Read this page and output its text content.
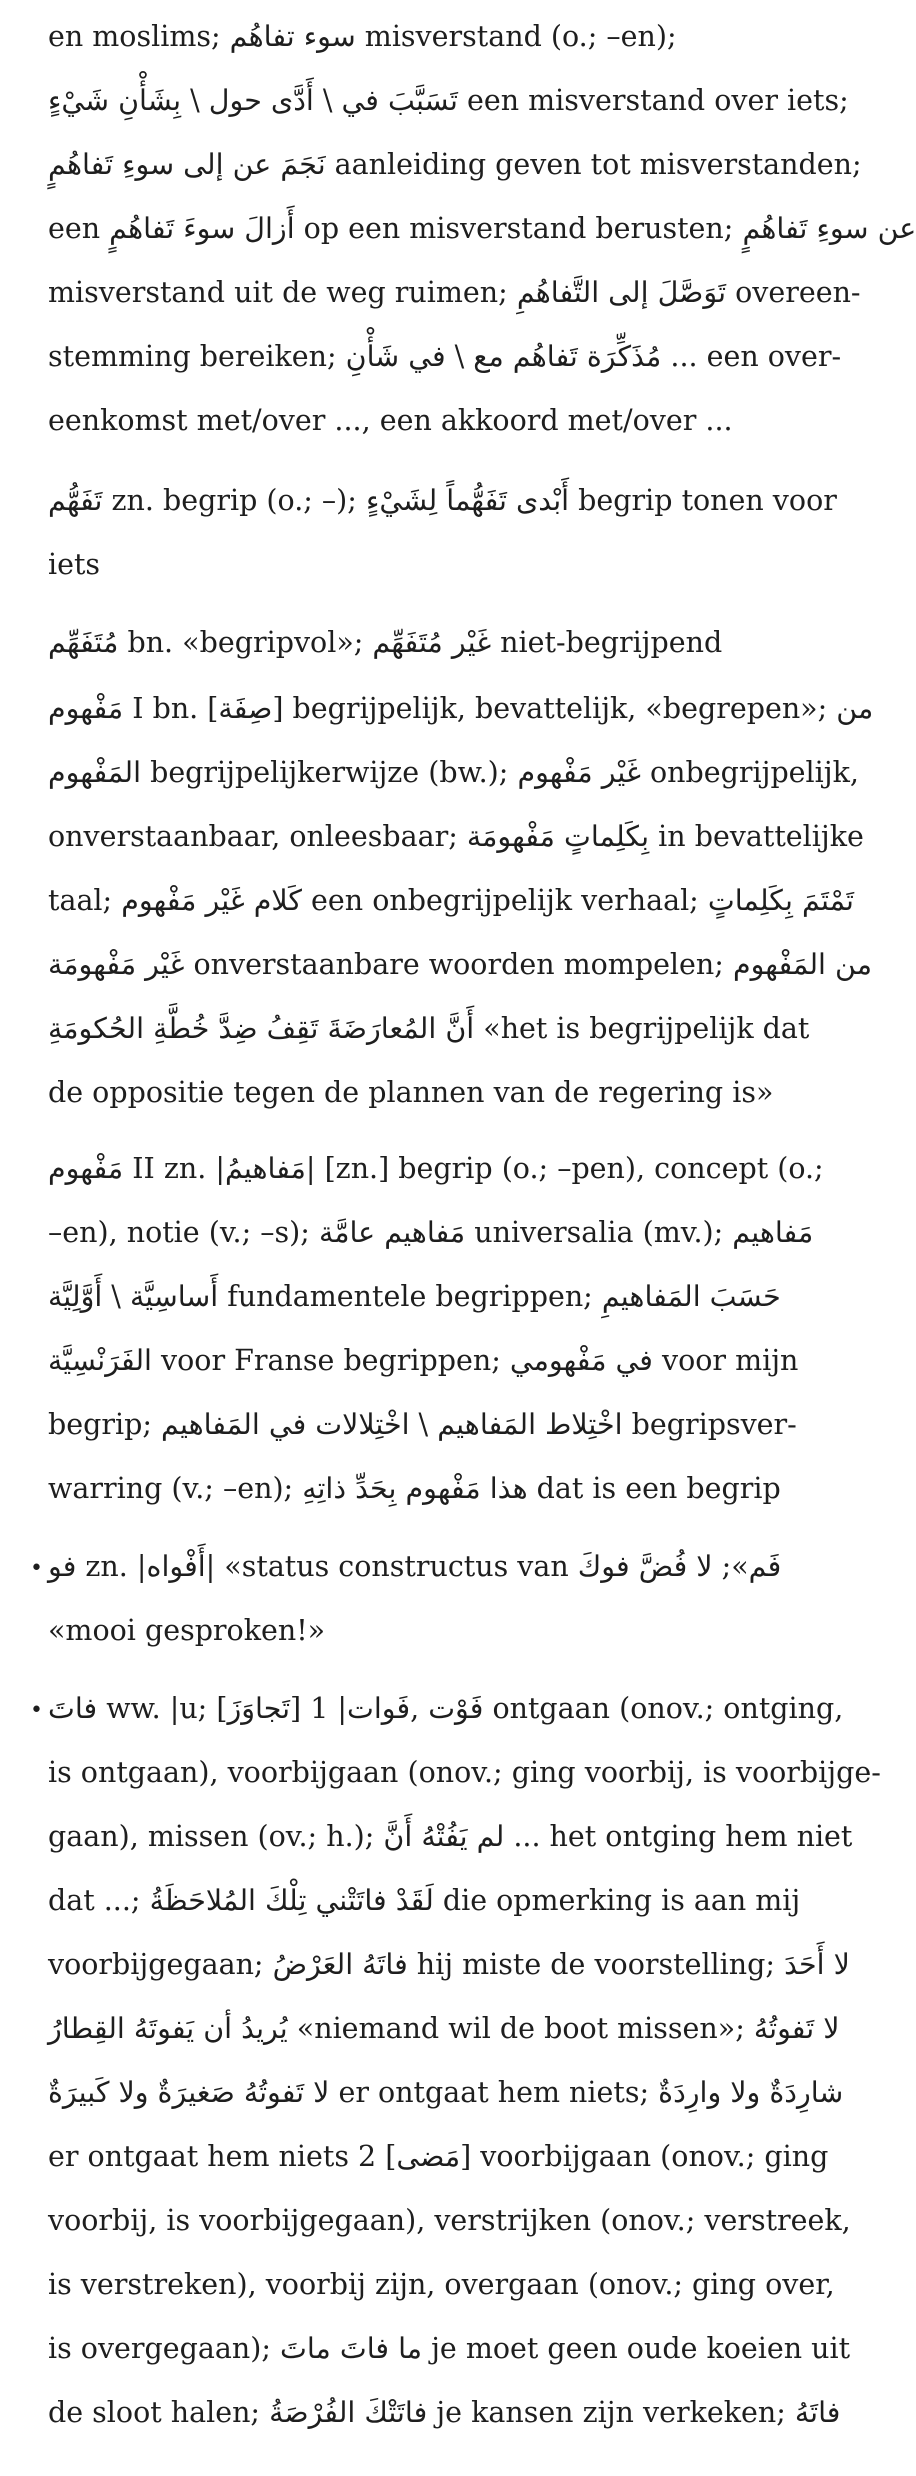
en moslims; سوء تفاهُم misverstand (o.; –en);
تَسَبَّبَ في \ أَدَّى حول \ بِشَأْنِ شَيْءٍ een misverstand over iets;
نَجَمَ عن إلى سوءِ تَفاهُمٍ aanleiding geven tot misverstanden;
een أَزالَ سوءَ تَفاهُمٍ op een misverstand berusten; عن سوءِ تَفاهُمٍ
misverstand uit de weg ruimen; تَوَصَّلَ إلى التَّفاهُمِ overeen-
stemming bereiken; مُذَكِّرَة تَفاهُم مع \ في شَأْنِ ... een over-
eenkomst met/over ..., een akkoord met/over ...
تَفَهُّم zn. begrip (o.; –); أَبْدى تَفَهُّماً لِشَيْءٍ begrip tonen voor
iets
مُتَفَهِّم bn. «begripvol»; غَيْر مُتَفَهِّم niet-begrijpend
مَفْهوم I bn. [صِفَة] begrijpelijk, bevattelijk, «begrepen»; من
المَفْهوم begrijpelijkerwijze (bw.); غَيْر مَفْهوم onbegrijpelijk,
onverstaanbaar, onleesbaar; بِكَلِماتٍ مَفْهومَة in bevattelijke
taal; كَلام غَيْر مَفْهوم een onbegrijpelijk verhaal; تَمْتَمَ بِكَلِماتٍ
غَيْر مَفْهومَة onverstaanbare woorden mompelen; من المَفْهوم
أَنَّ المُعارَضَةَ تَقِفُ ضِدَّ خُطَّةِ الحُكومَةِ «het is begrijpelijk dat
de oppositie tegen de plannen van de regering is»
مَفْهوم II zn. |مَفاهيمُ| [zn.] begrip (o.; –pen), concept (o.;
–en), notie (v.; –s); مَفاهيم عامَّة universalia (mv.); مَفاهيم
أَساسِيَّة \ أَوَّلِيَّة fundamentele begrippen; حَسَبَ المَفاهيمِ
الفَرَنْسِيَّة voor Franse begrippen; في مَفْهومي voor mijn
begrip; اخْتِلاط المَفاهيم \ اخْتِلالات في المَفاهيم begripsver-
warring (v.; –en); هذا مَفْهوم بِحَدِّ ذاتِهِ dat is een begrip
فو zn. |أَفْواه| «status constructus van فَم»; لا فُضَّ فوكَ
•
«mooi gesproken!»
فاتَ ww. |u; فَوْت ,فَوات| 1 [تَجاوَزَ] ontgaan (onov.; ontging,
•
is ontgaan), voorbijgaan (onov.; ging voorbij, is voorbijge-
gaan), missen (ov.; h.); لم يَفُتْهُ أَنَّ ... het ontging hem niet
dat ...; لَقَدْ فاتَتْني تِلْكَ المُلاحَظَةُ die opmerking is aan mij
voorbijgegaan; فاتَهُ العَرْضُ hij miste de voorstelling; لا أَحَدَ
يُريدُ أن يَفوتَهُ القِطارُ «niemand wil de boot missen»; لا تَفوتُهُ
لا تَفوتُهُ صَغيرَةٌ ولا كَبيرَةٌ er ontgaat hem niets; شارِدَةٌ ولا وارِدَةٌ
er ontgaat hem niets 2 [مَضى] voorbijgaan (onov.; ging
voorbij, is voorbijgegaan), verstrijken (onov.; verstreek,
is verstreken), voorbij zijn, overgaan (onov.; ging over,
is overgegaan); ما فاتَ ماتَ je moet geen oude koeien uit
de sloot halen; فاتَتْكَ الفُرْصَةُ je kansen zijn verkeken; فاتَهُ
